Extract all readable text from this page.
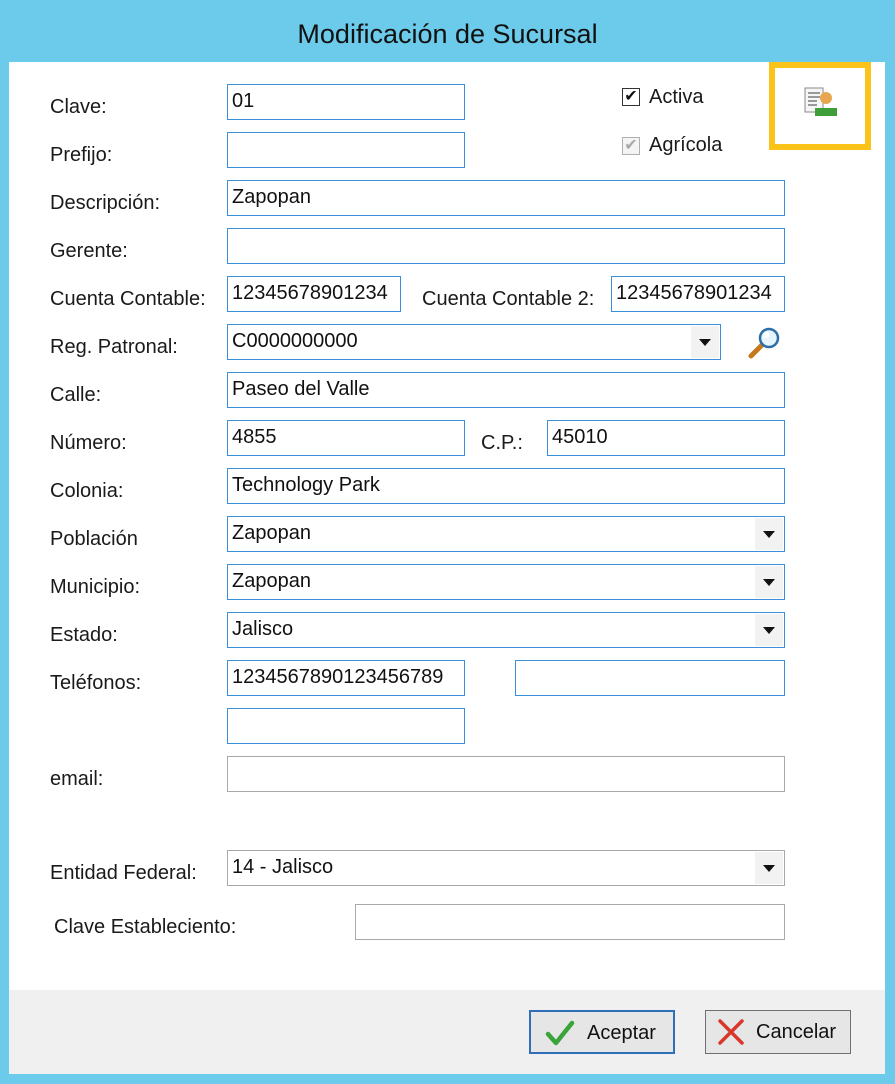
Modificación de Sucursal
Clave:	01	✔ Activa
✔ Agrícola
Prefijo:
Descripción:	Zapopan
Gerente:
Cuenta Contable: 12345678901234	Cuenta Contable 2: 12345678901234
Reg. Patronal:	C0000000000
Calle:	Paseo del Valle
Número:	4855	C.P.: 45010
Colonia:	Technology Park
Población	Zapopan
Municipio:	Zapopan
Estado:	Jalisco
Teléfonos:	1234567890123456789
email:
Entidad Federal: 14 - Jalisco
Clave Estableciento:
Aceptar	Cancelar
